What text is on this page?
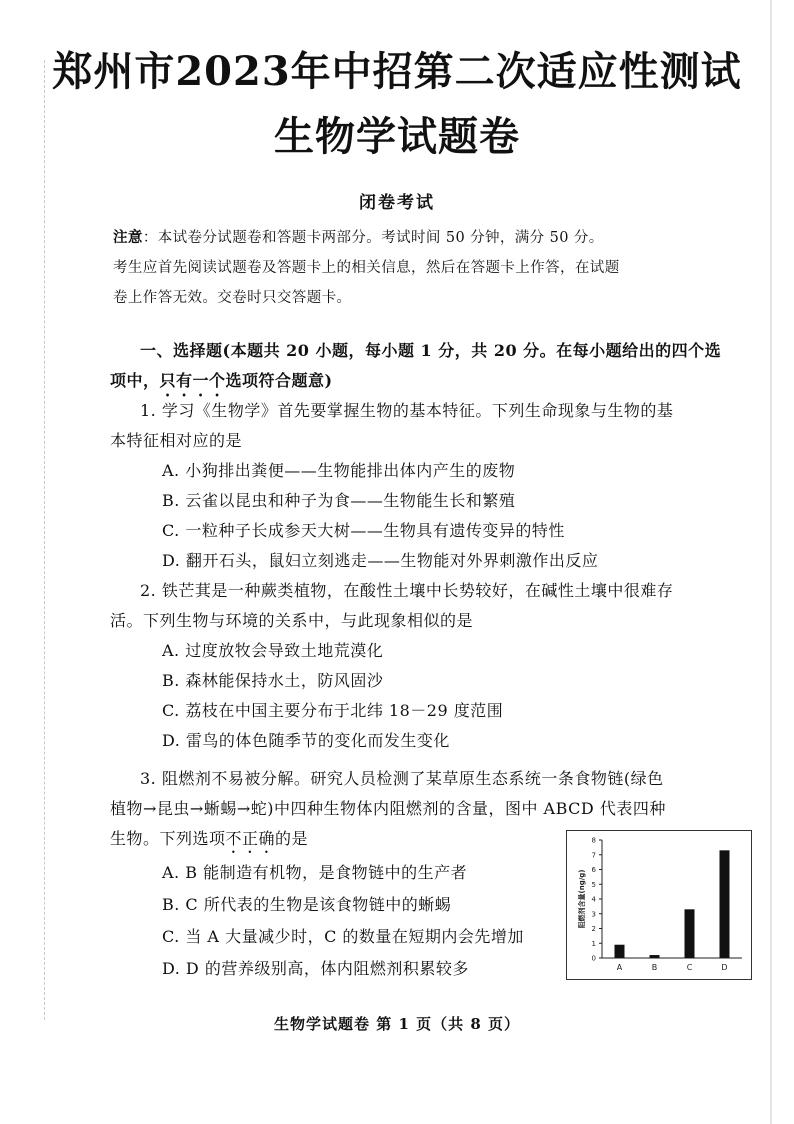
郑州市2023年中招第二次适应性测试
生物学试题卷
闭卷考试
注意：本试卷分试题卷和答题卡两部分。考试时间 50 分钟，满分 50 分。
考生应首先阅读试题卷及答题卡上的相关信息，然后在答题卡上作答，在试题
卷上作答无效。交卷时只交答题卡。
一、选择题(本题共 20 小题，每小题 1 分，共 20 分。在每小题给出的四个选
项中，只有一个选项符合题意)
1. 学习《生物学》首先要掌握生物的基本特征。下列生命现象与生物的基
本特征相对应的是
A. 小狗排出粪便——生物能排出体内产生的废物
B. 云雀以昆虫和种子为食——生物能生长和繁殖
C. 一粒种子长成参天大树——生物具有遗传变异的特性
D. 翻开石头，鼠妇立刻逃走——生物能对外界刺激作出反应
2. 铁芒萁是一种蕨类植物，在酸性土壤中长势较好，在碱性土壤中很难存
活。下列生物与环境的关系中，与此现象相似的是
A. 过度放牧会导致土地荒漠化
B. 森林能保持水土，防风固沙
C. 荔枝在中国主要分布于北纬 18－29 度范围
D. 雷鸟的体色随季节的变化而发生变化
3. 阻燃剂不易被分解。研究人员检测了某草原生态系统一条食物链(绿色
植物→昆虫→蜥蜴→蛇)中四种生物体内阻燃剂的含量，图中 ABCD 代表四种
生物。下列选项不正确的是
A. B 能制造有机物，是食物链中的生产者
B. C 所代表的生物是该食物链中的蜥蜴
C. 当 A 大量减少时，C 的数量在短期内会先增加
D. D 的营养级别高，体内阻燃剂积累较多
0
1
2
3
4
5
6
7
8
阻燃剂含量(ng/g)
A	B	C	D
生物学试题卷 第 1 页（共 8 页）
